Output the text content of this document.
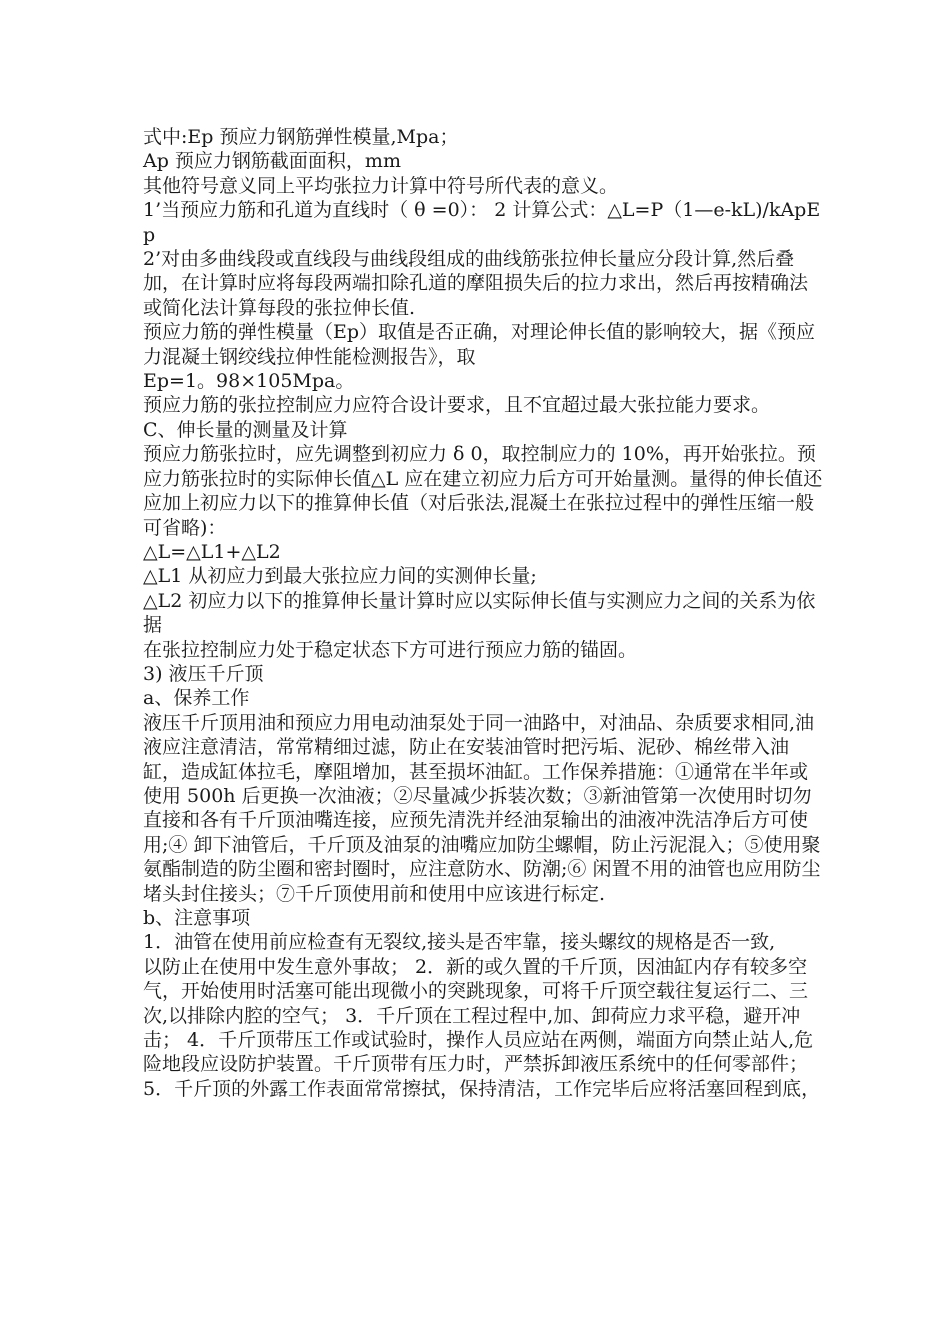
式中:Ep 预应力钢筋弹性模量,Mpa；

Ap 预应力钢筋截面面积，mm

其他符号意义同上平均张拉力计算中符号所代表的意义。

1’当预应力筋和孔道为直线时（ θ =0）： 2 计算公式：△L=P（1—e-kL)/kApEp

2’对由多曲线段或直线段与曲线段组成的曲线筋张拉伸长量应分段计算,然后叠加，在计算时应将每段两端扣除孔道的摩阻损失后的拉力求出，然后再按精确法或简化法计算每段的张拉伸长值.

预应力筋的弹性模量（Ep）取值是否正确，对理论伸长值的影响较大，据《预应力混凝土钢绞线拉伸性能检测报告》，取

Ep=1。98×105Mpa。

预应力筋的张拉控制应力应符合设计要求，且不宜超过最大张拉能力要求。

C、伸长量的测量及计算

预应力筋张拉时，应先调整到初应力 δ 0，取控制应力的 10%，再开始张拉。预应力筋张拉时的实际伸长值△L 应在建立初应力后方可开始量测。量得的伸长值还应加上初应力以下的推算伸长值（对后张法,混凝土在张拉过程中的弹性压缩一般可省略)：

△L=△L1+△L2

△L1 从初应力到最大张拉应力间的实测伸长量;

△L2 初应力以下的推算伸长量计算时应以实际伸长值与实测应力之间的关系为依据

在张拉控制应力处于稳定状态下方可进行预应力筋的锚固。

3) 液压千斤顶

a、保养工作

液压千斤顶用油和预应力用电动油泵处于同一油路中，对油品、杂质要求相同,油液应注意清洁，常常精细过滤，防止在安装油管时把污垢、泥砂、棉丝带入油缸，造成缸体拉毛，摩阻增加，甚至损坏油缸。工作保养措施：①通常在半年或使用 500h 后更换一次油液；②尽量减少拆装次数；③新油管第一次使用时切勿直接和各有千斤顶油嘴连接，应预先清洗并经油泵输出的油液冲洗洁净后方可使用;④ 卸下油管后，千斤顶及油泵的油嘴应加防尘螺帽，防止污泥混入；⑤使用聚氨酯制造的防尘圈和密封圈时，应注意防水、防潮;⑥ 闲置不用的油管也应用防尘堵头封住接头；⑦千斤顶使用前和使用中应该进行标定.

b、注意事项

1．油管在使用前应检查有无裂纹,接头是否牢靠，接头螺纹的规格是否一致,

以防止在使用中发生意外事故； 2．新的或久置的千斤顶，因油缸内存有较多空气，开始使用时活塞可能出现微小的突跳现象，可将千斤顶空载往复运行二、三次,以排除内腔的空气； 3．千斤顶在工程过程中,加、卸荷应力求平稳，避开冲击； 4．千斤顶带压工作或试验时，操作人员应站在两侧，端面方向禁止站人,危险地段应设防护装置。千斤顶带有压力时，严禁拆卸液压系统中的任何零部件； 5．千斤顶的外露工作表面常常擦拭，保持清洁，工作完毕后应将活塞回程到底，
